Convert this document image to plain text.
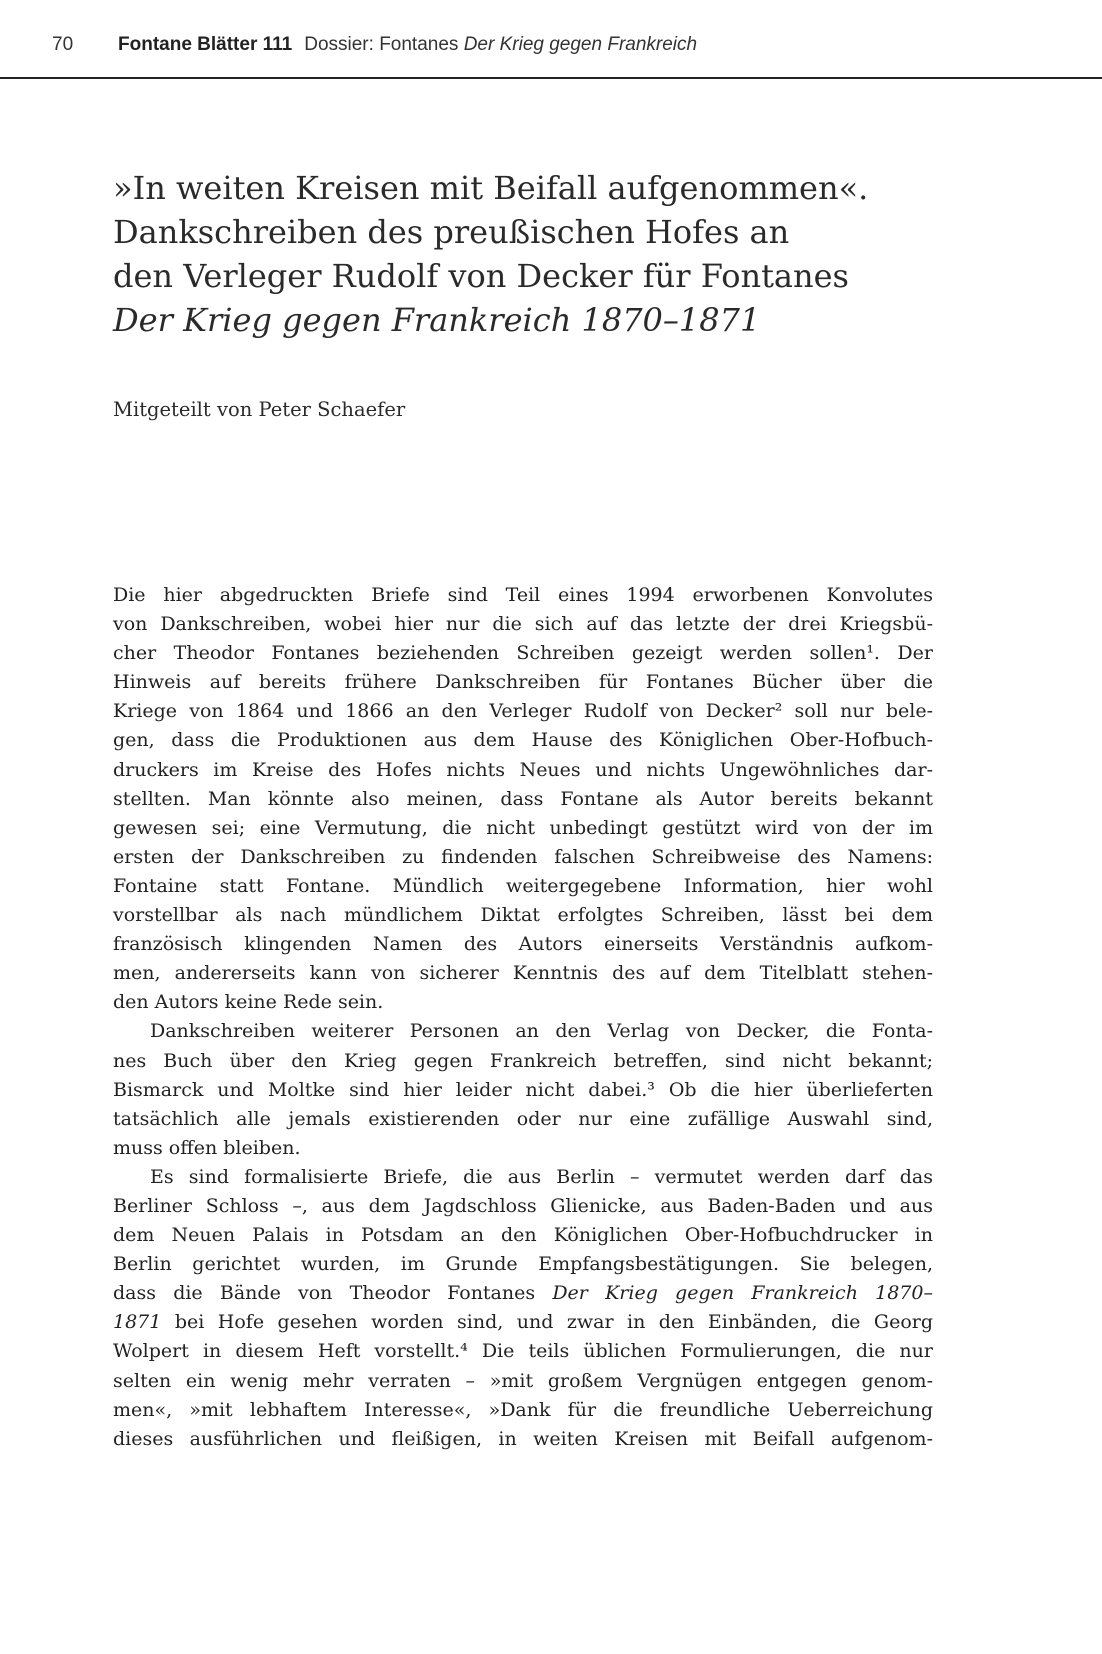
70 Fontane Blätter 111 Dossier: Fontanes Der Krieg gegen Frankreich
»In weiten Kreisen mit Beifall aufgenommen«.
Dankschreiben des preußischen Hofes an
den Verleger Rudolf von Decker für Fontanes
Der Krieg gegen Frankreich 1870–1871
Mitgeteilt von Peter Schaefer
Die hier abgedruckten Briefe sind Teil eines 1994 erworbenen Konvolutes
von Dankschreiben, wobei hier nur die sich auf das letzte der drei Kriegsbü-
cher Theodor Fontanes beziehenden Schreiben gezeigt werden sollen¹. Der
Hinweis auf bereits frühere Dankschreiben für Fontanes Bücher über die
Kriege von 1864 und 1866 an den Verleger Rudolf von Decker² soll nur bele-
gen, dass die Produktionen aus dem Hause des Königlichen Ober-Hofbuch-
druckers im Kreise des Hofes nichts Neues und nichts Ungewöhnliches dar-
stellten. Man könnte also meinen, dass Fontane als Autor bereits bekannt
gewesen sei; eine Vermutung, die nicht unbedingt gestützt wird von der im
ersten der Dankschreiben zu findenden falschen Schreibweise des Namens:
Fontaine statt Fontane. Mündlich weitergegebene Information, hier wohl
vorstellbar als nach mündlichem Diktat erfolgtes Schreiben, lässt bei dem
französisch klingenden Namen des Autors einerseits Verständnis aufkom-
men, andererseits kann von sicherer Kenntnis des auf dem Titelblatt stehen-
den Autors keine Rede sein.
Dankschreiben weiterer Personen an den Verlag von Decker, die Fonta-
nes Buch über den Krieg gegen Frankreich betreffen, sind nicht bekannt;
Bismarck und Moltke sind hier leider nicht dabei.³ Ob die hier überlieferten
tatsächlich alle jemals existierenden oder nur eine zufällige Auswahl sind,
muss offen bleiben.
Es sind formalisierte Briefe, die aus Berlin – vermutet werden darf das
Berliner Schloss –, aus dem Jagdschloss Glienicke, aus Baden-Baden und aus
dem Neuen Palais in Potsdam an den Königlichen Ober-Hofbuchdrucker in
Berlin gerichtet wurden, im Grunde Empfangsbestätigungen. Sie belegen,
dass die Bände von Theodor Fontanes Der Krieg gegen Frankreich 1870–
1871 bei Hofe gesehen worden sind, und zwar in den Einbänden, die Georg
Wolpert in diesem Heft vorstellt.⁴ Die teils üblichen Formulierungen, die nur
selten ein wenig mehr verraten – »mit großem Vergnügen entgegen genom-
men«, »mit lebhaftem Interesse«, »Dank für die freundliche Ueberreichung
dieses ausführlichen und fleißigen, in weiten Kreisen mit Beifall aufgenom-
